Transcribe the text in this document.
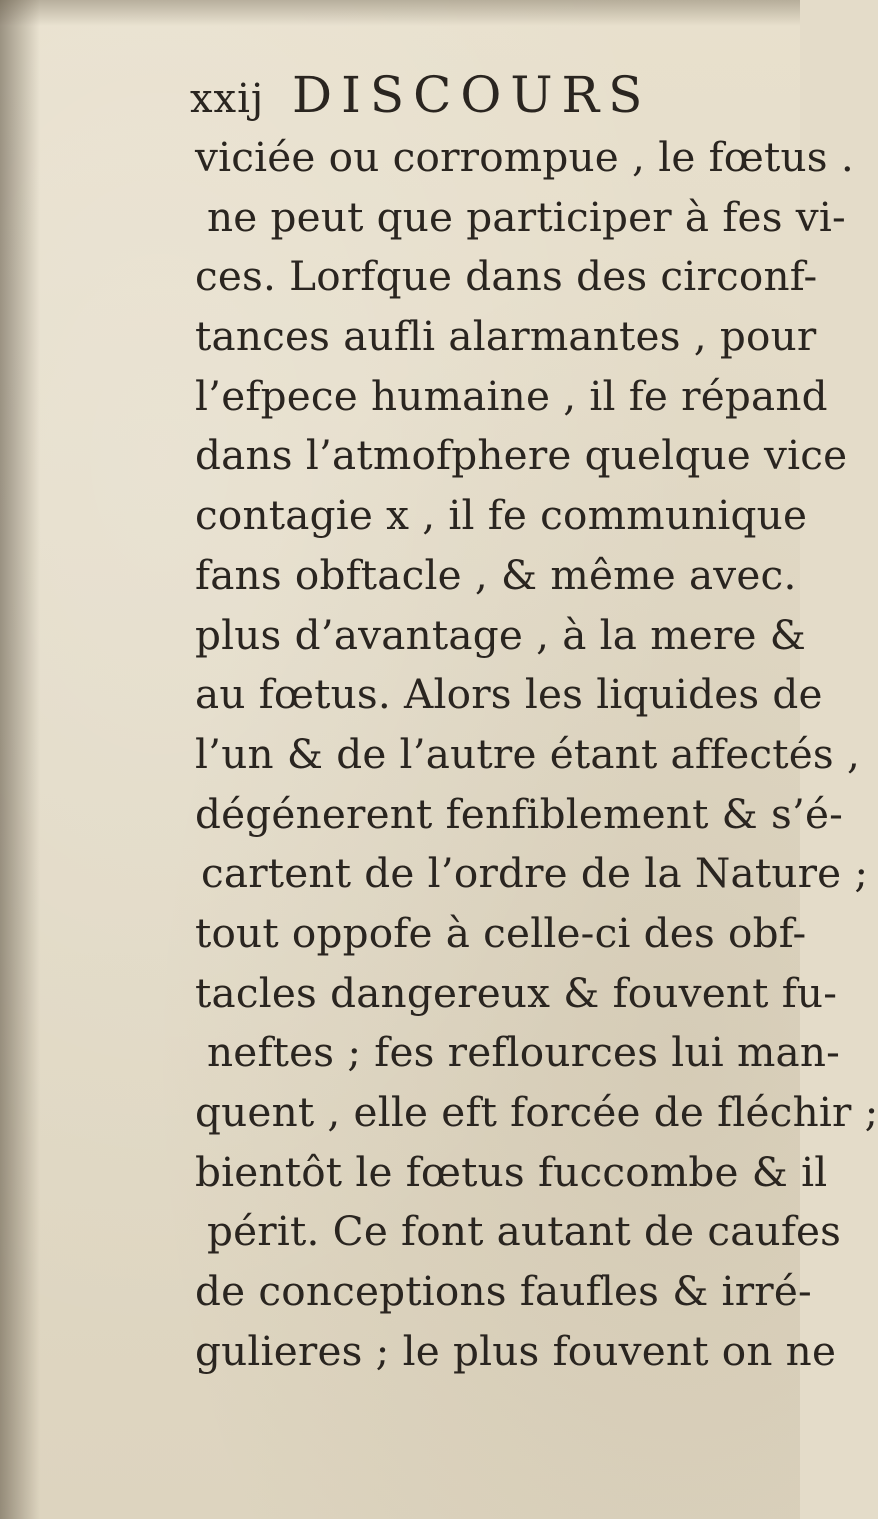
xxij DISCOURS
viciée ou corrompue , le fœtus .
ne peut que participer à fes vi-
ces. Lorfque dans des circonf-
tances aufli alarmantes , pour
l’efpece humaine , il fe répand
dans l’atmofphere quelque vice
contagie x , il fe communique
fans obftacle , & même avec.
plus d’avantage , à la mere &
au fœtus. Alors les liquides de
l’un & de l’autre étant affectés ,
dégénerent fenfiblement & s’é-
cartent de l’ordre de la Nature ;
tout oppofe à celle-ci des obf-
tacles dangereux & fouvent fu-
neftes ; fes reflources lui man-
quent , elle eft forcée de fléchir ;
bientôt le fœtus fuccombe & il
périt. Ce font autant de caufes
de conceptions faufles & irré-
gulieres ; le plus fouvent on ne
